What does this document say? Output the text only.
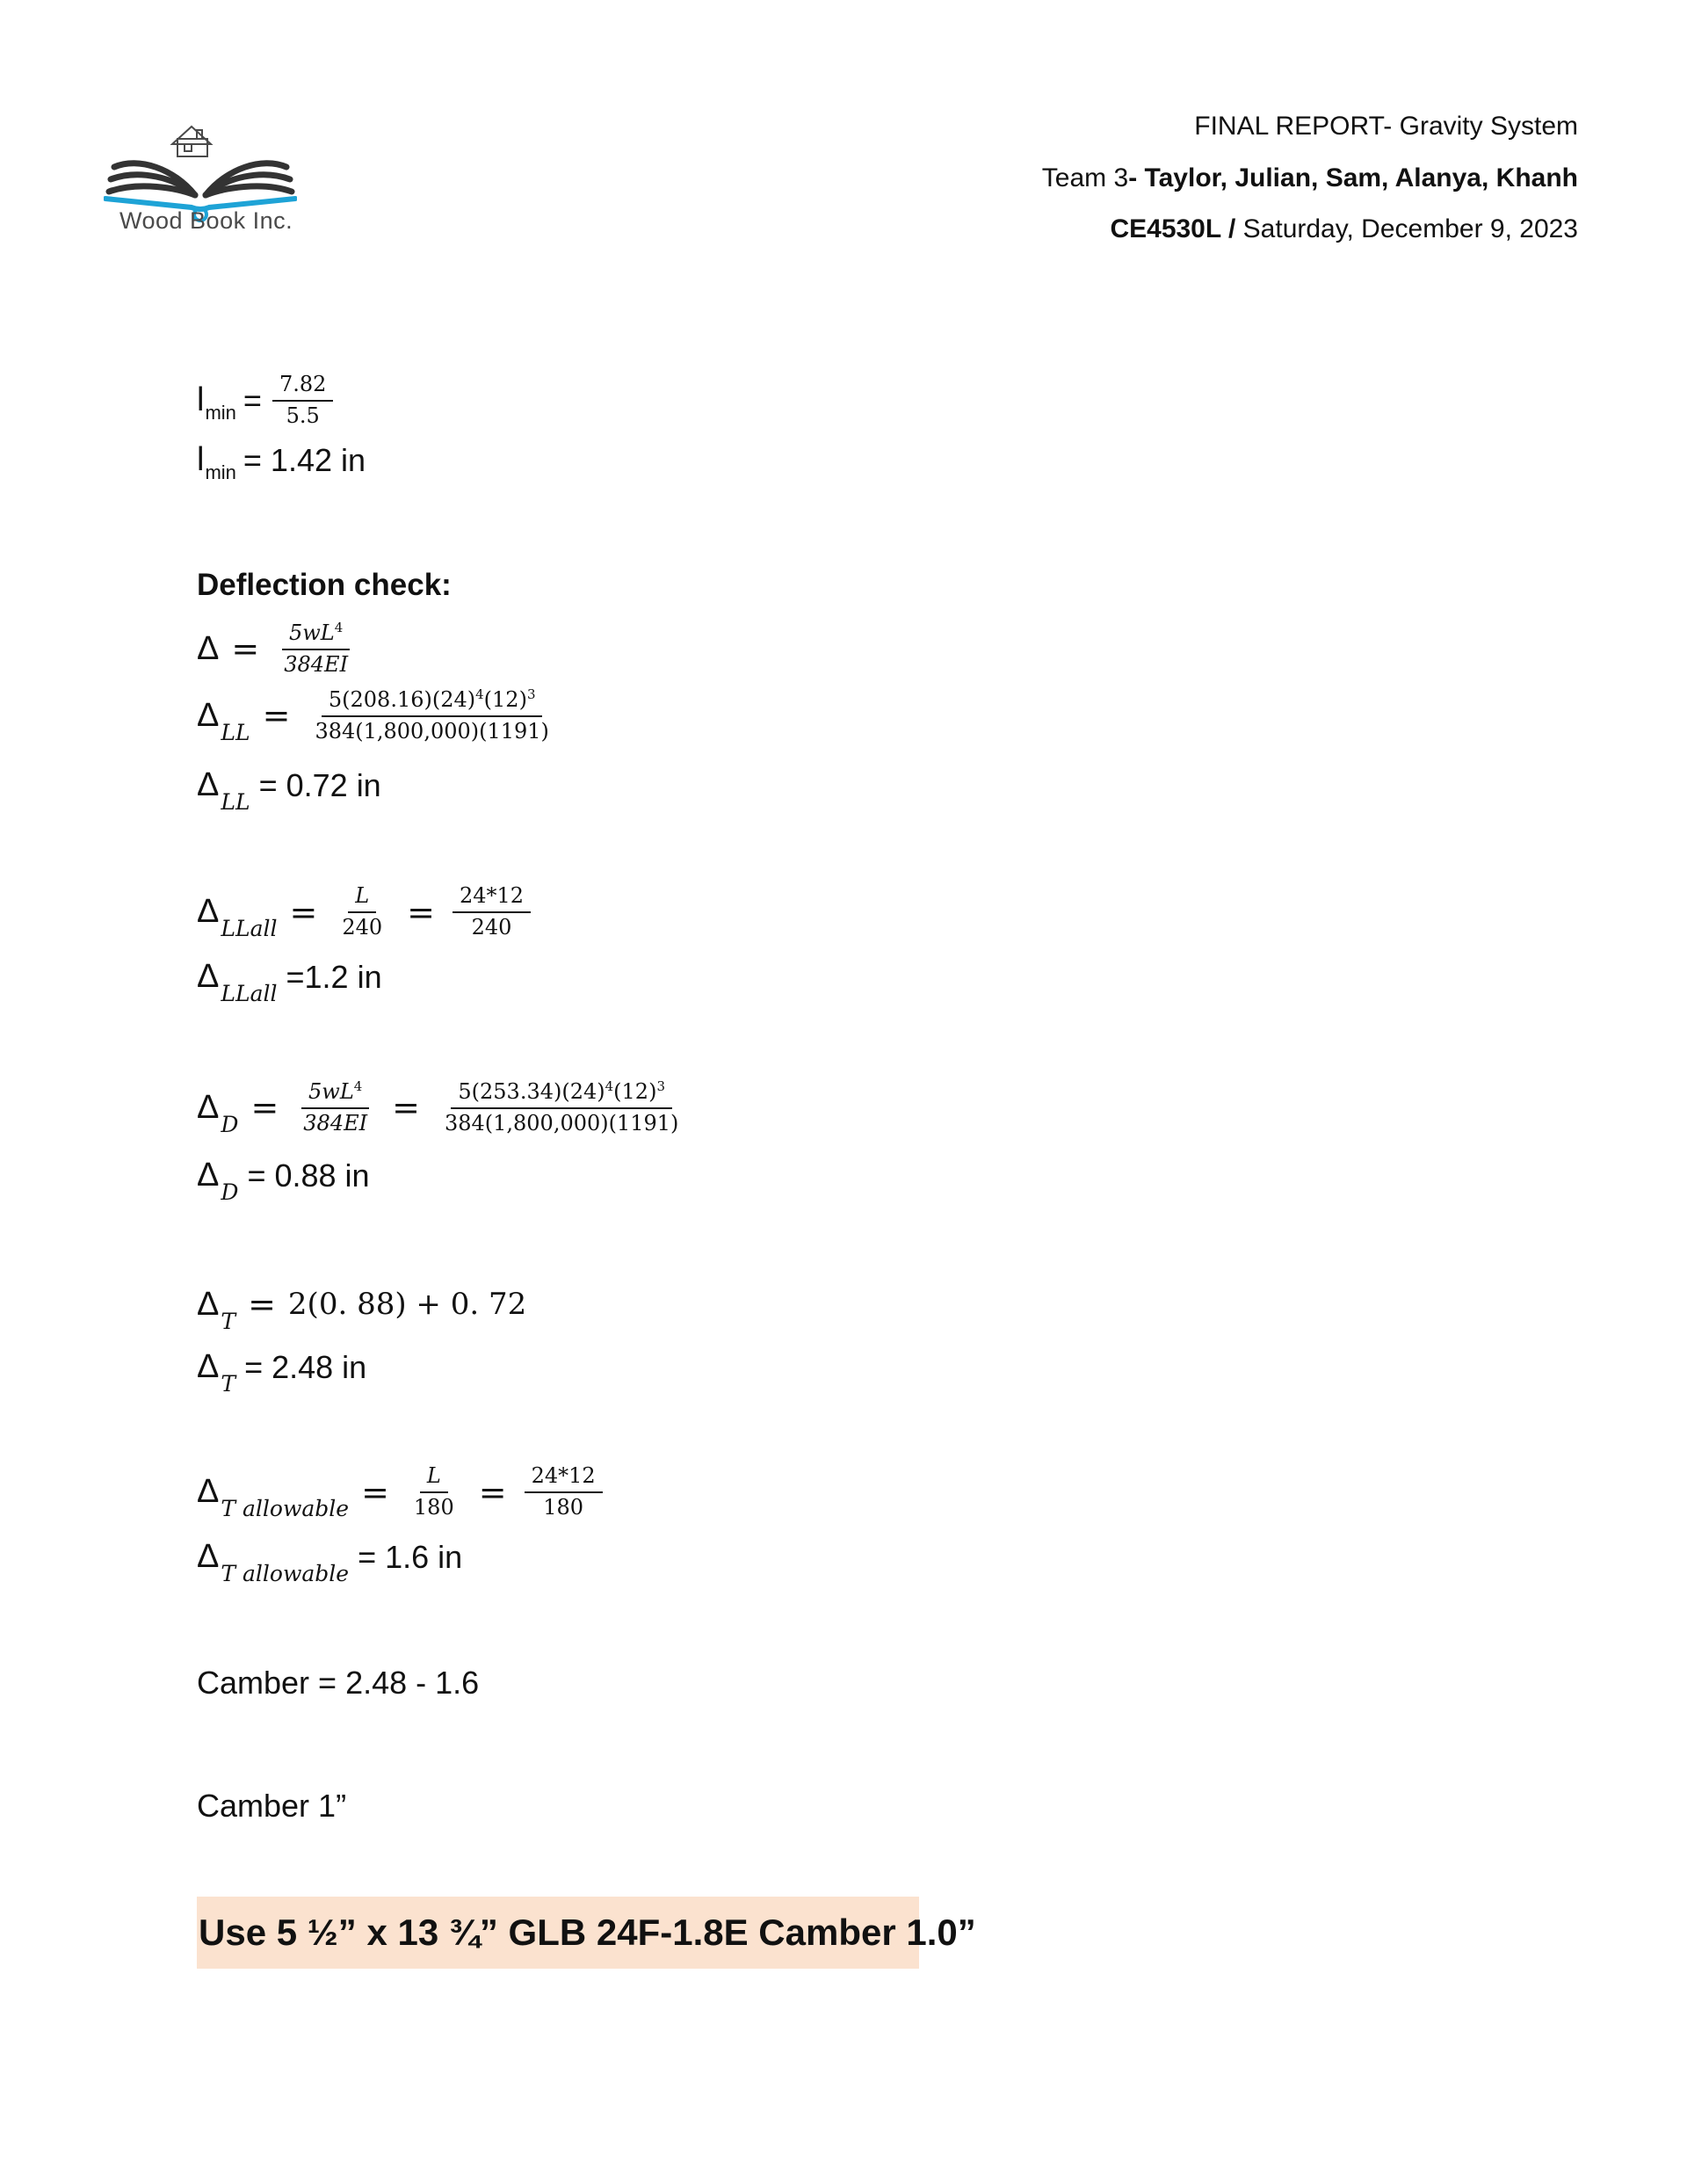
Wood Book Inc.
FINAL REPORT- Gravity System
Team 3- Taylor, Julian, Sam, Alanya, Khanh
CE4530L / Saturday, December 9, 2023
l $\min = \frac{7.82}{5.5}$
l min = 1.42 in
Deflection check:
$\Delta = \frac{5wL^4}{384EI}$
Δ LL = $\frac{5(208.16)(24)^4(12)^3}{384(1,800,000)(1191)}$
Δ LL = 0.72 in
Δ LLall = $\frac{L}{240} = \frac{24*12}{240}$
Δ LLall =1.2 in
Δ $D = \frac{5wL^4}{384EI} = \frac{5(253.34)(24)^4(12)^3}{384(1,800,000)(1191)}$
Δ D = 0.88 in
Δ T = 2(0. 88) + 0. 72
Δ T = 2.48 in
Δ T allowable = $\frac{L}{180} = \frac{24*12}{180}$
Δ T allowable = 1.6 in
Camber = 2.48 - 1.6
Camber 1”
Use 5 ½” x 13 ¾” GLB 24F-1.8E Camber 1.0”
